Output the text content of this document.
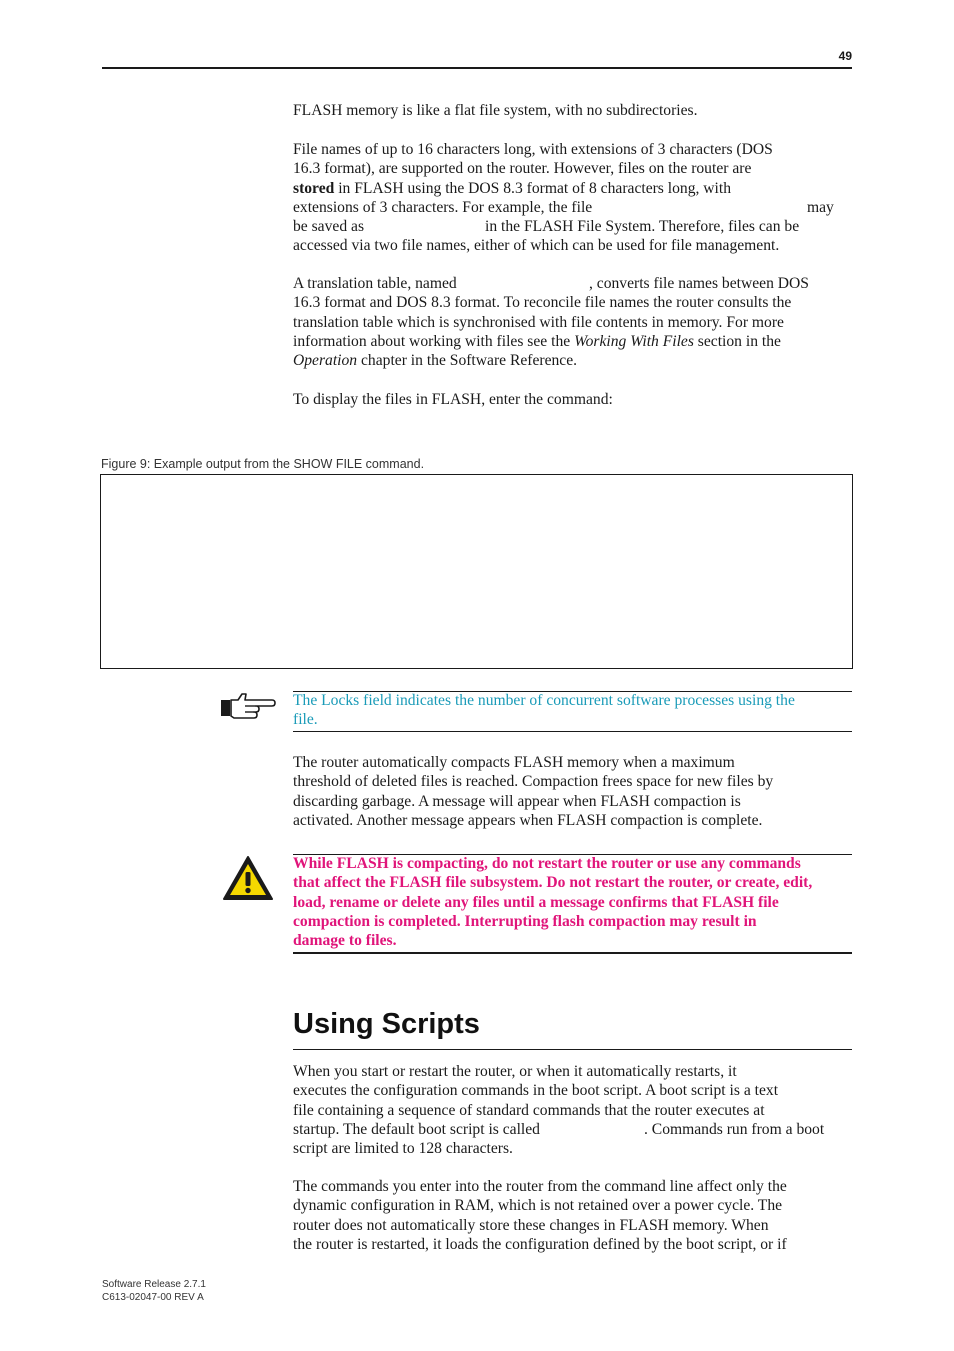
49
FLASH memory is like a flat file system, with no subdirectories.
File names of up to 16 characters long, with extensions of 3 characters (DOS
16.3 format), are supported on the router. However, files on the router are
stored in FLASH using the DOS 8.3 format of 8 characters long, with
extensions of 3 characters. For example, the file	may
be saved as	in the FLASH File System. Therefore, files can be
accessed via two file names, either of which can be used for file management.
A translation table, named	, converts file names between DOS
16.3 format and DOS 8.3 format. To reconcile file names the router consults the
translation table which is synchronised with file contents in memory. For more
information about working with files see the Working With Files section in the
Operation chapter in the Software Reference.
To display the files in FLASH, enter the command:
Figure 9: Example output from the SHOW FILE command.
The Locks field indicates the number of concurrent software processes using the
file.
The router automatically compacts FLASH memory when a maximum
threshold of deleted files is reached. Compaction frees space for new files by
discarding garbage. A message will appear when FLASH compaction is
activated. Another message appears when FLASH compaction is complete.
While FLASH is compacting, do not restart the router or use any commands
that affect the FLASH file subsystem. Do not restart the router, or create, edit,
load, rename or delete any files until a message confirms that FLASH file
compaction is completed. Interrupting flash compaction may result in
damage to files.
Using Scripts
When you start or restart the router, or when it automatically restarts, it
executes the configuration commands in the boot script. A boot script is a text
file containing a sequence of standard commands that the router executes at
startup. The default boot script is called	. Commands run from a boot
script are limited to 128 characters.
The commands you enter into the router from the command line affect only the
dynamic configuration in RAM, which is not retained over a power cycle. The
router does not automatically store these changes in FLASH memory. When
the router is restarted, it loads the configuration defined by the boot script, or if
Software Release 2.7.1
C613-02047-00 REV A
